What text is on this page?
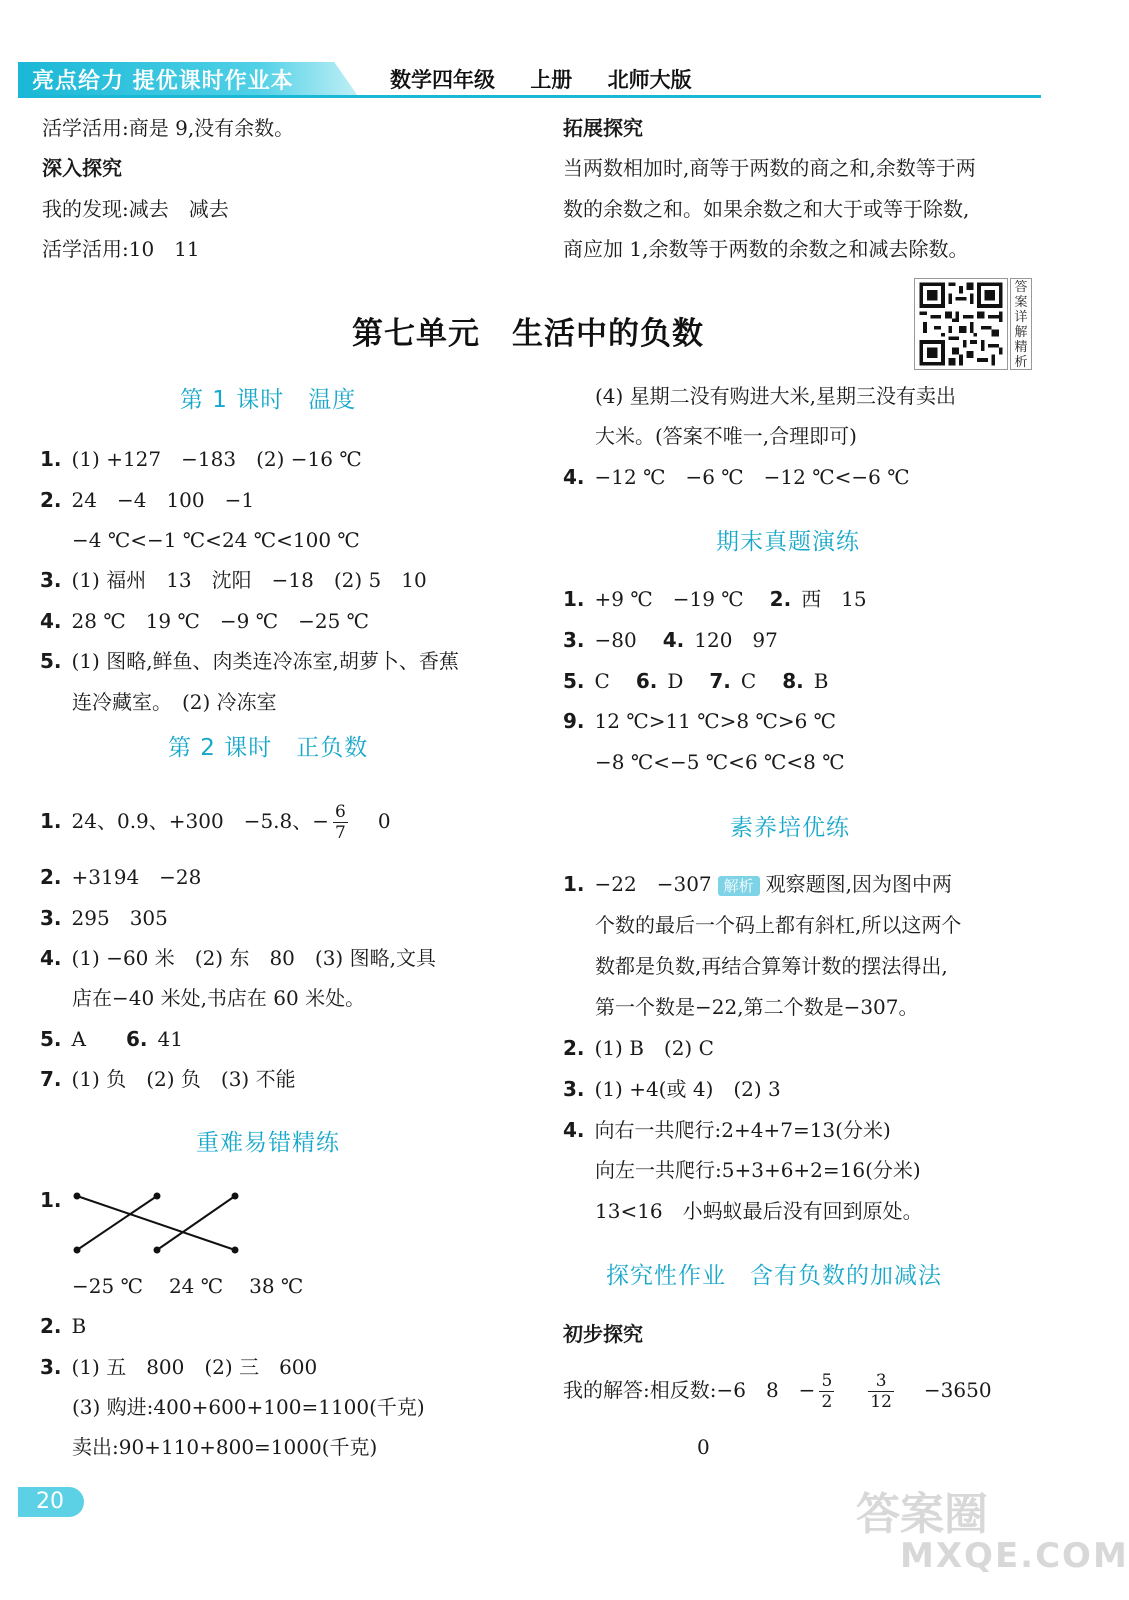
亮点给力 提优课时作业本	数学四年级 上册 北师大版
活学活用:商是 9,没有余数。
深入探究
我的发现:减去　减去
活学活用:10　11
拓展探究
当两数相加时,商等于两数的商之和,余数等于两
数的余数之和。如果余数之和大于或等于除数,
商应加 1,余数等于两数的余数之和减去除数。
答案详解精析
第七单元　生活中的负数
第 1 课时　温度
1. (1) +127　−183　(2) −16 ℃
2. 24　−4　100　−1
−4 ℃<−1 ℃<24 ℃<100 ℃
3. (1) 福州　13　沈阳　−18　(2) 5　10
4. 28 ℃　19 ℃　−9 ℃　−25 ℃
5. (1) 图略,鲜鱼、肉类连冷冻室,胡萝卜、香蕉
连冷藏室。　(2) 冷冻室
第 2 课时　正负数
1. 24、0.9、+300　−5.8、− $\frac{6}{7} 0$
2. +3194　−28
3. 295　305
4. (1) −60 米　(2) 东　80　(3) 图略,文具
店在−40 米处,书店在 60 米处。
5. A 6. 41
7. (1) 负　(2) 负　(3) 不能
重难易错精练
1.
−25 ℃ 24 ℃ 38 ℃
2. B
3. (1) 五　800　(2) 三　600
(3) 购进:400+600+100=1100(千克)
卖出:90+110+800=1000(千克)
(4) 星期二没有购进大米,星期三没有卖出
大米。(答案不唯一,合理即可)
4. −12 ℃　−6 ℃　−12 ℃<−6 ℃
期末真题演练
1. +9 ℃　−19 ℃ 2. 西　15
3. −80 4. 120　97
5. C 6. D 7. C 8. B
9. 12 ℃>11 ℃>8 ℃>6 ℃
−8 ℃<−5 ℃<6 ℃<8 ℃
素养培优练
1. −22　−307 解析 观察题图,因为图中两
个数的最后一个码上都有斜杠,所以这两个
数都是负数,再结合算筹计数的摆法得出,
第一个数是−22,第二个数是−307。
2. (1) B　(2) C
3. (1) +4(或 4)　(2) 3
4. 向右一共爬行:2+4+7=13(分米)
向左一共爬行:5+3+6+2=16(分米)
13<16　小蚂蚁最后没有回到原处。
探究性作业　含有负数的加减法
初步探究
我的解答:相反数:−6　8　− $\frac{5}{2} \frac{3}{12} -3650$
0
20	答案圈
MXQE.COM
